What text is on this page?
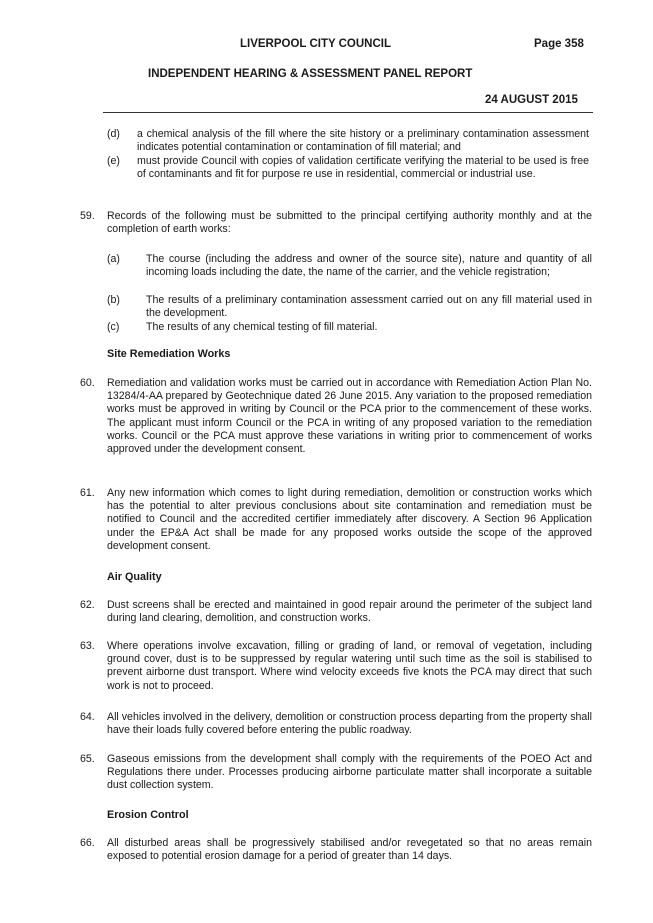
LIVERPOOL CITY COUNCIL	Page 358
INDEPENDENT HEARING & ASSESSMENT PANEL REPORT
24 AUGUST 2015
(d) a chemical analysis of the fill where the site history or a preliminary contamination assessment indicates potential contamination or contamination of fill material; and
(e) must provide Council with copies of validation certificate verifying the material to be used is free of contaminants and fit for purpose re use in residential, commercial or industrial use.
59. Records of the following must be submitted to the principal certifying authority monthly and at the completion of earth works:
(a) The course (including the address and owner of the source site), nature and quantity of all incoming loads including the date, the name of the carrier, and the vehicle registration;
(b) The results of a preliminary contamination assessment carried out on any fill material used in the development.
(c)	The results of any chemical testing of fill material.
Site Remediation Works
60. Remediation and validation works must be carried out in accordance with Remediation Action Plan No. 13284/4-AA prepared by Geotechnique dated 26 June 2015. Any variation to the proposed remediation works must be approved in writing by Council or the PCA prior to the commencement of these works. The applicant must inform Council or the PCA in writing of any proposed variation to the remediation works. Council or the PCA must approve these variations in writing prior to commencement of works approved under the development consent.
61. Any new information which comes to light during remediation, demolition or construction works which has the potential to alter previous conclusions about site contamination and remediation must be notified to Council and the accredited certifier immediately after discovery. A Section 96 Application under the EP&A Act shall be made for any proposed works outside the scope of the approved development consent.
Air Quality
62. Dust screens shall be erected and maintained in good repair around the perimeter of the subject land during land clearing, demolition, and construction works.
63. Where operations involve excavation, filling or grading of land, or removal of vegetation, including ground cover, dust is to be suppressed by regular watering until such time as the soil is stabilised to prevent airborne dust transport. Where wind velocity exceeds five knots the PCA may direct that such work is not to proceed.
64. All vehicles involved in the delivery, demolition or construction process departing from the property shall have their loads fully covered before entering the public roadway.
65. Gaseous emissions from the development shall comply with the requirements of the POEO Act and Regulations there under. Processes producing airborne particulate matter shall incorporate a suitable dust collection system.
Erosion Control
66. All disturbed areas shall be progressively stabilised and/or revegetated so that no areas remain exposed to potential erosion damage for a period of greater than 14 days.
